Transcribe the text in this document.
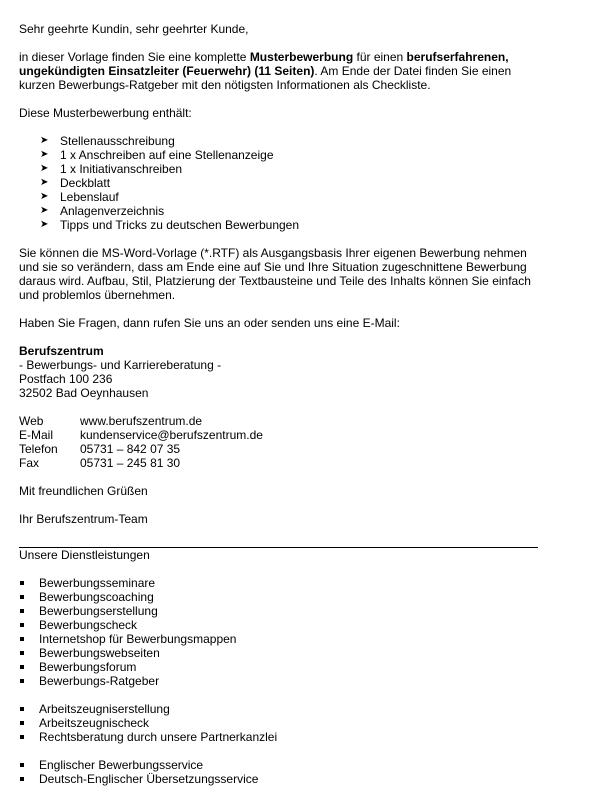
Sehr geehrte Kundin, sehr geehrter Kunde,

in dieser Vorlage finden Sie eine komplette Musterbewerbung für einen berufserfahrenen, ungekündigten Einsatzleiter (Feuerwehr) (11 Seiten). Am Ende der Datei finden Sie einen kurzen Bewerbungs-Ratgeber mit den nötigsten Informationen als Checkliste.

Diese Musterbewerbung enthält:

➤ Stellenausschreibung
➤ 1 x Anschreiben auf eine Stellenanzeige
➤ 1 x Initiativanschreiben
➤ Deckblatt
➤ Lebenslauf
➤ Anlagenverzeichnis
➤ Tipps und Tricks zu deutschen Bewerbungen

Sie können die MS-Word-Vorlage (*.RTF) als Ausgangsbasis Ihrer eigenen Bewerbung nehmen und sie so verändern, dass am Ende eine auf Sie und Ihre Situation zugeschnittene Bewerbung daraus wird. Aufbau, Stil, Platzierung der Textbausteine und Teile des Inhalts können Sie einfach und problemlos übernehmen.

Haben Sie Fragen, dann rufen Sie uns an oder senden uns eine E-Mail:

Berufszentrum

- Bewerbungs- und Karriereberatung -

Postfach 100 236

32502 Bad Oeynhausen

Web	www.berufszentrum.de
E-Mail	kundenservice@berufszentrum.de
Telefon	05731 – 842 07 35
Fax	05731 – 245 81 30

Mit freundlichen Grüßen

Ihr Berufszentrum-Team

Unsere Dienstleistungen

Bewerbungsseminare
Bewerbungscoaching
Bewerbungserstellung
Bewerbungscheck
Internetshop für Bewerbungsmappen
Bewerbungswebseiten
Bewerbungsforum
Bewerbungs-Ratgeber
Arbeitszeugniserstellung
Arbeitszeugnischeck
Rechtsberatung durch unsere Partnerkanzlei
Englischer Bewerbungsservice
Deutsch-Englischer Übersetzungsservice
